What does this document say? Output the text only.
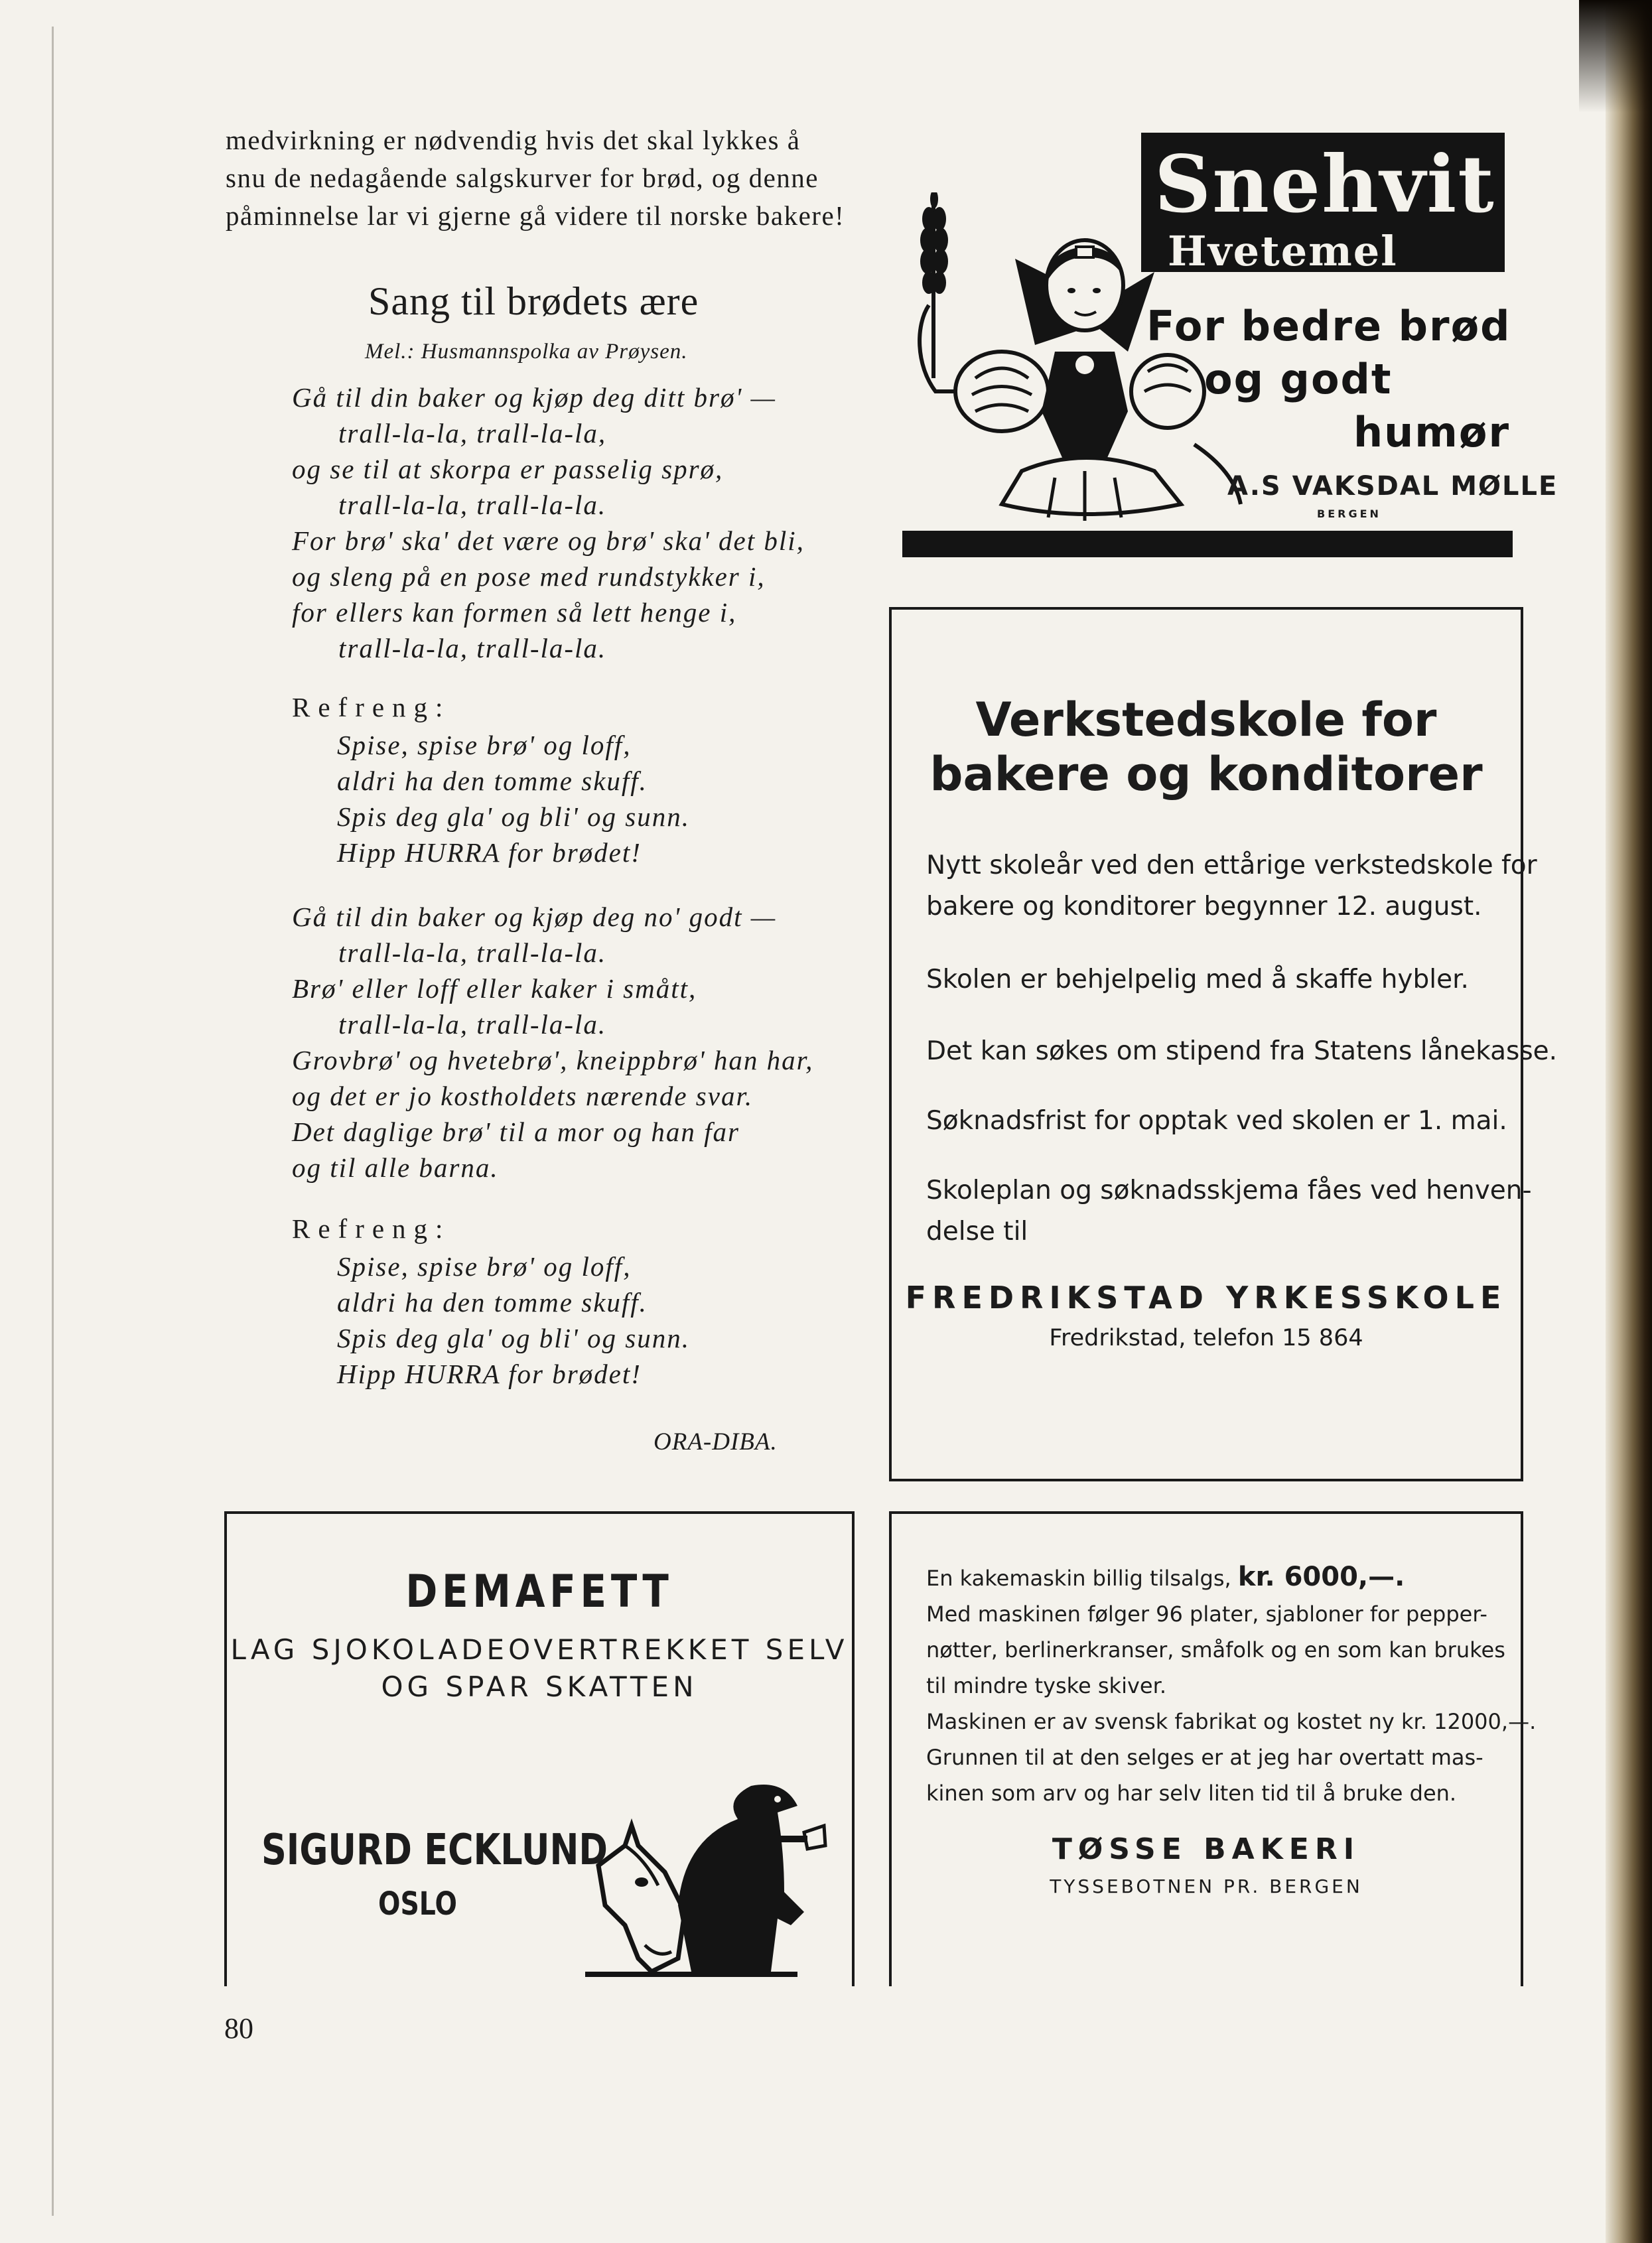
medvirkning er nødvendig hvis det skal lykkes å
snu de nedagående salgskurver for brød, og denne
påminnelse lar vi gjerne gå videre til norske bakere!
Sang til brødets ære
Mel.: Husmannspolka av Prøysen.
Gå til din baker og kjøp deg ditt brø' —
trall-la-la, trall-la-la,
og se til at skorpa er passelig sprø,
trall-la-la, trall-la-la.
For brø' ska' det være og brø' ska' det bli,
og sleng på en pose med rundstykker i,
for ellers kan formen så lett henge i,
trall-la-la, trall-la-la.
Refreng:
Spise, spise brø' og loff,
aldri ha den tomme skuff.
Spis deg gla' og bli' og sunn.
Hipp HURRA for brødet!
Gå til din baker og kjøp deg no' godt —
trall-la-la, trall-la-la.
Brø' eller loff eller kaker i smått,
trall-la-la, trall-la-la.
Grovbrø' og hvetebrø', kneippbrø' han har,
og det er jo kostholdets nærende svar.
Det daglige brø' til a mor og han far
og til alle barna.
Refreng:
Spise, spise brø' og loff,
aldri ha den tomme skuff.
Spis deg gla' og bli' og sunn.
Hipp HURRA for brødet!
ORA-DIBA.
80
Snehvit
Hvetemel
For bedre brød
og godt
humør
A.S VAKSDAL MØLLE
BERGEN
Verkstedskole for
bakere og konditorer
Nytt skoleår ved den ettårige verkstedskole for
bakere og konditorer begynner 12. august.
Skolen er behjelpelig med å skaffe hybler.
Det kan søkes om stipend fra Statens lånekasse.
Søknadsfrist for opptak ved skolen er 1. mai.
Skoleplan og søknadsskjema fåes ved henven-
delse til
FREDRIKSTAD YRKESSKOLE
Fredrikstad, telefon 15 864
DEMAFETT
LAG SJOKOLADEOVERTREKKET SELV
OG SPAR SKATTEN
SIGURD ECKLUND
OSLO
En kakemaskin billig tilsalgs, kr. 6000,—.
Med maskinen følger 96 plater, sjabloner for pepper-
nøtter, berlinerkranser, småfolk og en som kan brukes
til mindre tyske skiver.
Maskinen er av svensk fabrikat og kostet ny kr. 12000,—.
Grunnen til at den selges er at jeg har overtatt mas-
kinen som arv og har selv liten tid til å bruke den.
TØSSE BAKERI
TYSSEBOTNEN PR. BERGEN
